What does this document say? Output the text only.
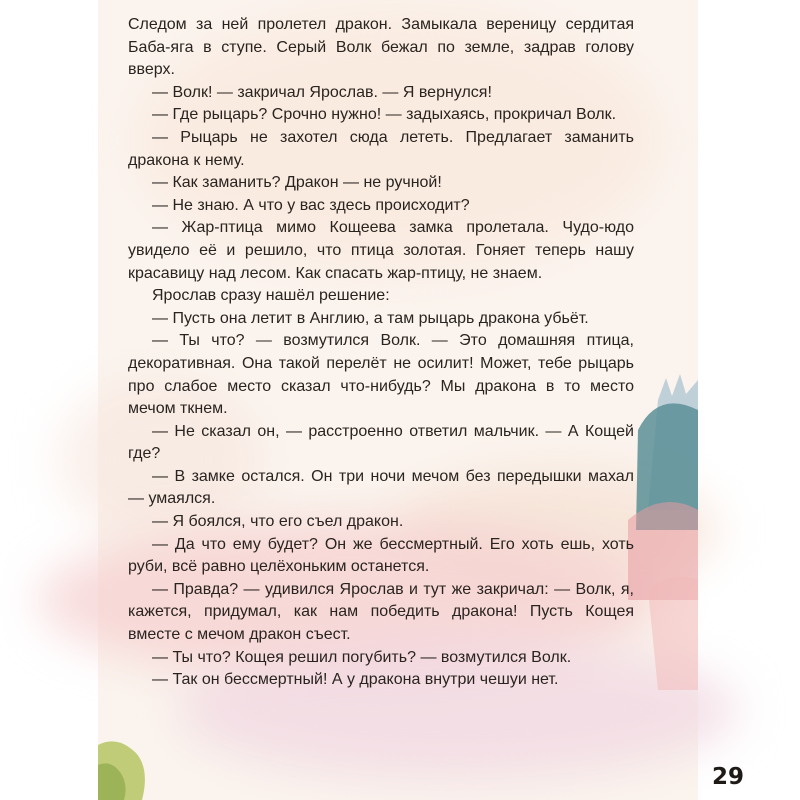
Следом за ней пролетел дракон. Замыкала вереницу сердитая Баба-яга в ступе. Серый Волк бежал по земле, задрав голову вверх.

— Волк! — закричал Ярослав. — Я вернулся!

— Где рыцарь? Срочно нужно! — задыхаясь, прокричал Волк.

— Рыцарь не захотел сюда лететь. Предлагает заманить дракона к нему.

— Как заманить? Дракон — не ручной!

— Не знаю. А что у вас здесь происходит?

— Жар-птица мимо Кощеева замка пролетала. Чудо-юдо увидело её и решило, что птица золотая. Гоняет теперь нашу красавицу над лесом. Как спасать жар-птицу, не знаем.

Ярослав сразу нашёл решение:

— Пусть она летит в Англию, а там рыцарь дракона убьёт.

— Ты что? — возмутился Волк. — Это домашняя птица, декоративная. Она такой перелёт не осилит! Может, тебе рыцарь про слабое место сказал что-нибудь? Мы дракона в то место мечом ткнем.

— Не сказал он, — расстроенно ответил мальчик. — А Кощей где?

— В замке остался. Он три ночи мечом без передышки махал — умаялся.

— Я боялся, что его съел дракон.

— Да что ему будет? Он же бессмертный. Его хоть ешь, хоть руби, всё равно целёхоньким останется.

— Правда? — удивился Ярослав и тут же закричал: — Волк, я, кажется, придумал, как нам победить дракона! Пусть Кощея вместе с мечом дракон съест.

— Ты что? Кощея решил погубить? — возмутился Волк.

— Так он бессмертный! А у дракона внутри чешуи нет.

29
